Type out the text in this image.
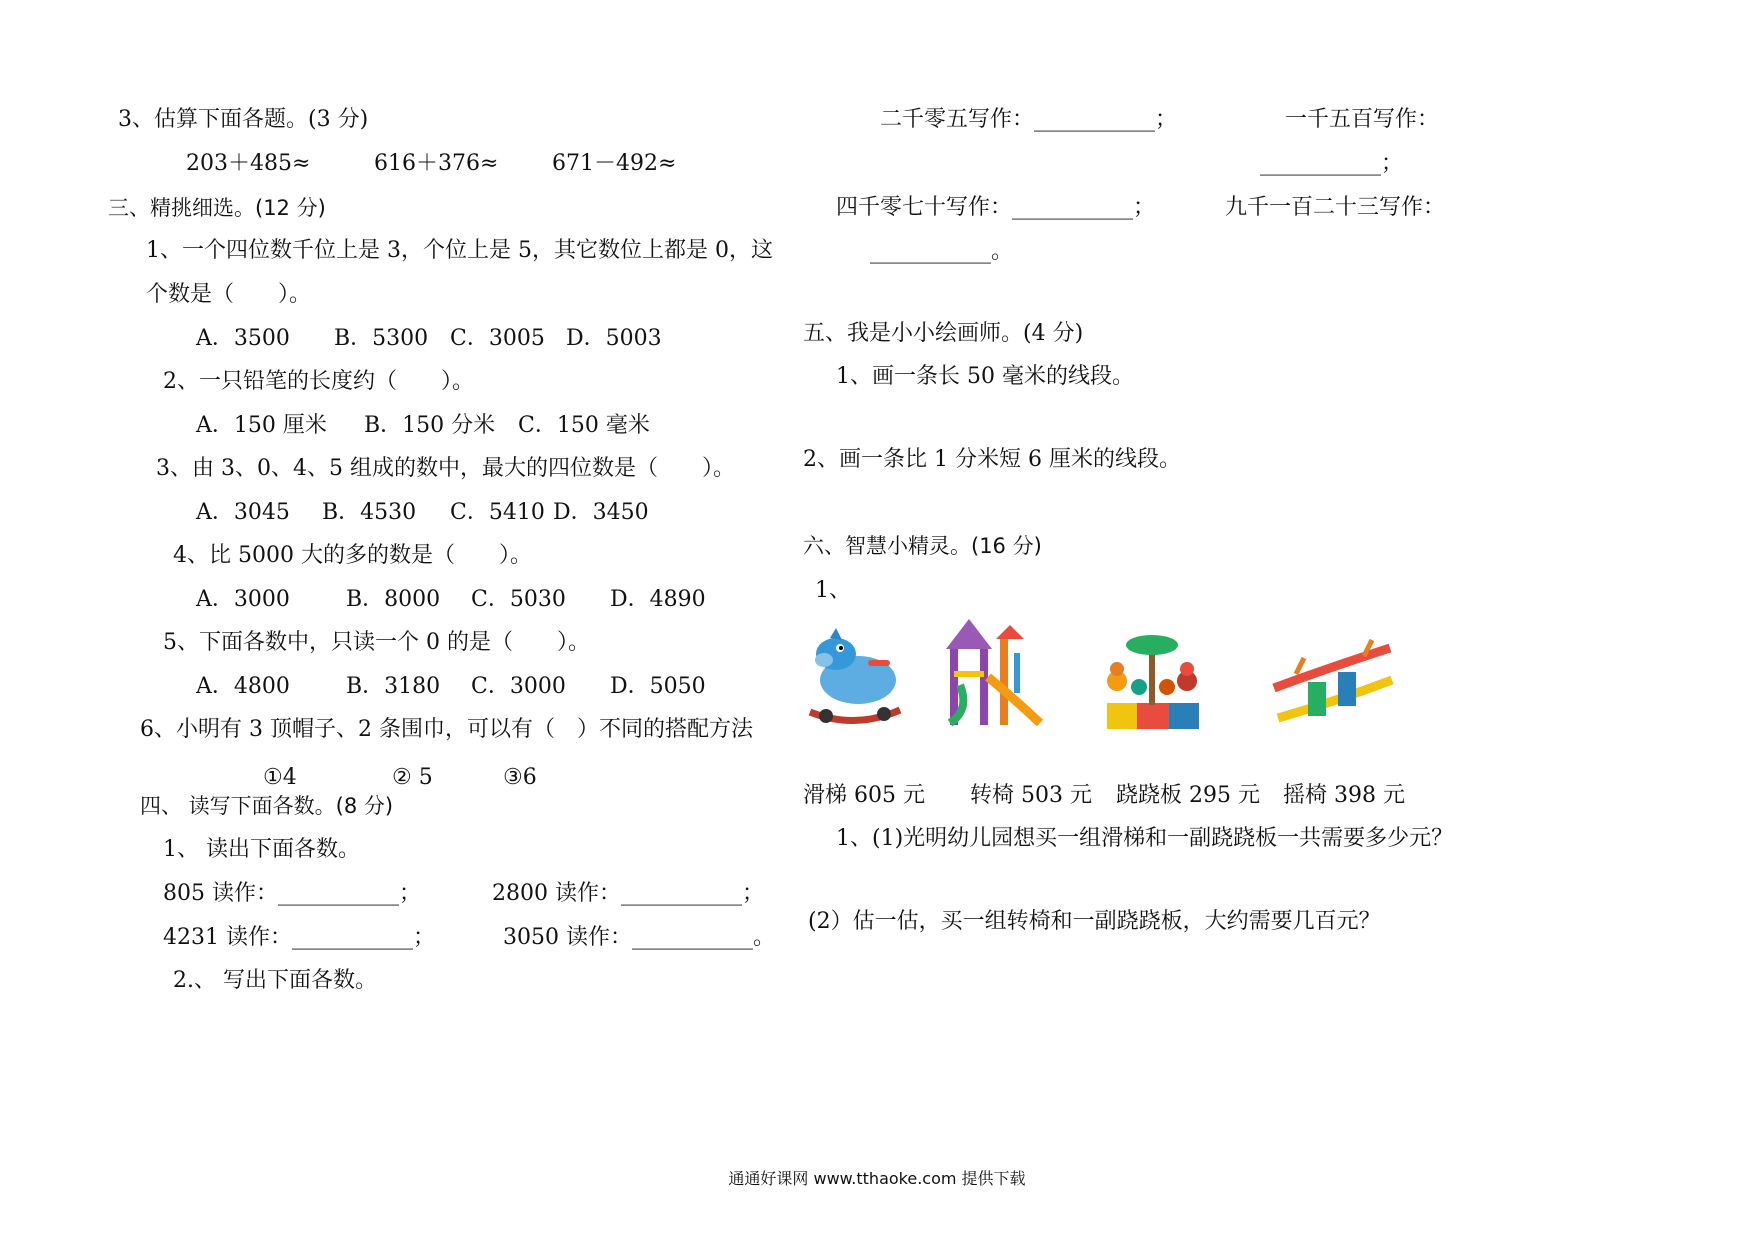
3、估算下面各题。(3 分)
203＋485≈	616＋376≈ 671－492≈
三、精挑细选。(12 分)
1、一个四位数千位上是 3，个位上是 5，其它数位上都是 0，这
个数是（　　）。
A．3500 B．5300 C．3005 D．5003
2、一只铅笔的长度约（　　）。
A．150 厘米 B．150 分米 C．150 毫米
3、由 3、0、4、5 组成的数中，最大的四位数是（　　）。
A．3045 B．4530 C．5410 D．3450
4、比 5000 大的多的数是（　　）。
A．3000	B．8000 C．5030 D．4890
5、下面各数中，只读一个 0 的是（　　）。
A．4800	B．3180 C．3000 D．5050
6、小明有 3 顶帽子、2 条围巾，可以有（　）不同的搭配方法
①4	② 5	③6
四、 读写下面各数。(8 分)
1、 读出下面各数。
805 读作：___________；	2800 读作：___________；
4231 读作：___________；	3050 读作：___________。
2.、 写出下面各数。
二千零五写作：___________；	一千五百写作：
___________；
四千零七十写作：___________；	九千一百二十三写作：
___________。
五、我是小小绘画师。(4 分)
1、画一条长 50 毫米的线段。
2、画一条比 1 分米短 6 厘米的线段。
六、智慧小精灵。(16 分)
1、
滑梯 605 元 转椅 503 元 跷跷板 295 元 摇椅 398 元
1、(1)光明幼儿园想买一组滑梯和一副跷跷板一共需要多少元？
(2）估一估，买一组转椅和一副跷跷板，大约需要几百元？
通通好课网 www.tthaoke.com 提供下载
